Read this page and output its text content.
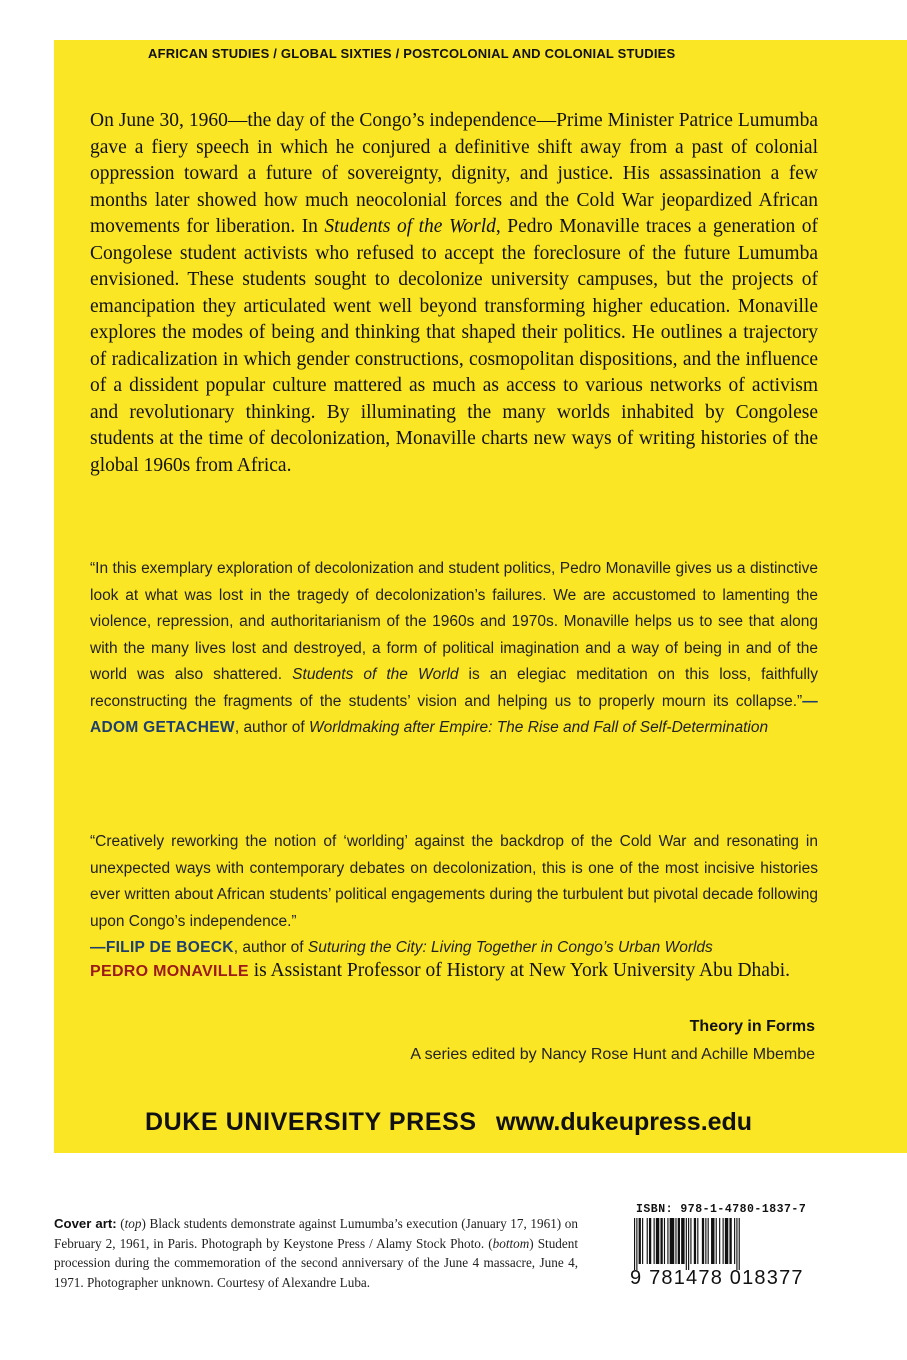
AFRICAN STUDIES / GLOBAL SIXTIES / POSTCOLONIAL AND COLONIAL STUDIES

On June 30, 1960—the day of the Congo’s independence—Prime Minister Patrice Lumumba gave a fiery speech in which he conjured a definitive shift away from a past of colonial oppression toward a future of sovereignty, dignity, and justice. His assassination a few months later showed how much neocolonial forces and the Cold War jeopardized African movements for liberation. In Students of the World, Pedro Monaville traces a generation of Congolese student activists who refused to accept the foreclosure of the future Lumumba envisioned. These students sought to decolonize university campuses, but the projects of emancipation they articulated went well beyond transforming higher education. Monaville explores the modes of being and thinking that shaped their politics. He outlines a trajectory of radicalization in which gender constructions, cosmopolitan dispositions, and the influence of a dissident popular culture mattered as much as access to various networks of activism and revolutionary thinking. By illuminating the many worlds inhabited by Congolese students at the time of decolonization, Monaville charts new ways of writing histories of the global 1960s from Africa.

“In this exemplary exploration of decolonization and student politics, Pedro Monaville gives us a distinctive look at what was lost in the tragedy of decolonization’s failures. We are accustomed to lamenting the violence, repression, and authoritarianism of the 1960s and 1970s. Monaville helps us to see that along with the many lives lost and destroyed, a form of political imagination and a way of being in and of the world was also shattered. Students of the World is an elegiac meditation on this loss, faithfully reconstructing the fragments of the students’ vision and helping us to properly mourn its collapse.”—ADOM GETACHEW, author of Worldmaking after Empire: The Rise and Fall of Self-Determination

“Creatively reworking the notion of ‘worlding’ against the backdrop of the Cold War and resonating in unexpected ways with contemporary debates on decolonization, this is one of the most incisive histories ever written about African students’ political engagements during the turbulent but pivotal decade following upon Congo’s independence.”
—FILIP DE BOECK, author of Suturing the City: Living Together in Congo’s Urban Worlds

PEDRO MONAVILLE is Assistant Professor of History at New York University Abu Dhabi.
Theory in Forms
A series edited by Nancy Rose Hunt and Achille Mbembe
DUKE UNIVERSITY PRESS www.dukeupress.edu

Cover art: (top) Black students demonstrate against Lumumba’s execution (January 17, 1961) on February 2, 1961, in Paris. Photograph by Keystone Press / Alamy Stock Photo. (bottom) Student procession during the commemoration of the second anniversary of the June 4 massacre, June 4, 1971. Photographer unknown. Courtesy of Alexandre Luba.

ISBN: 978-1-4780-1837-7
9 781478 018377
